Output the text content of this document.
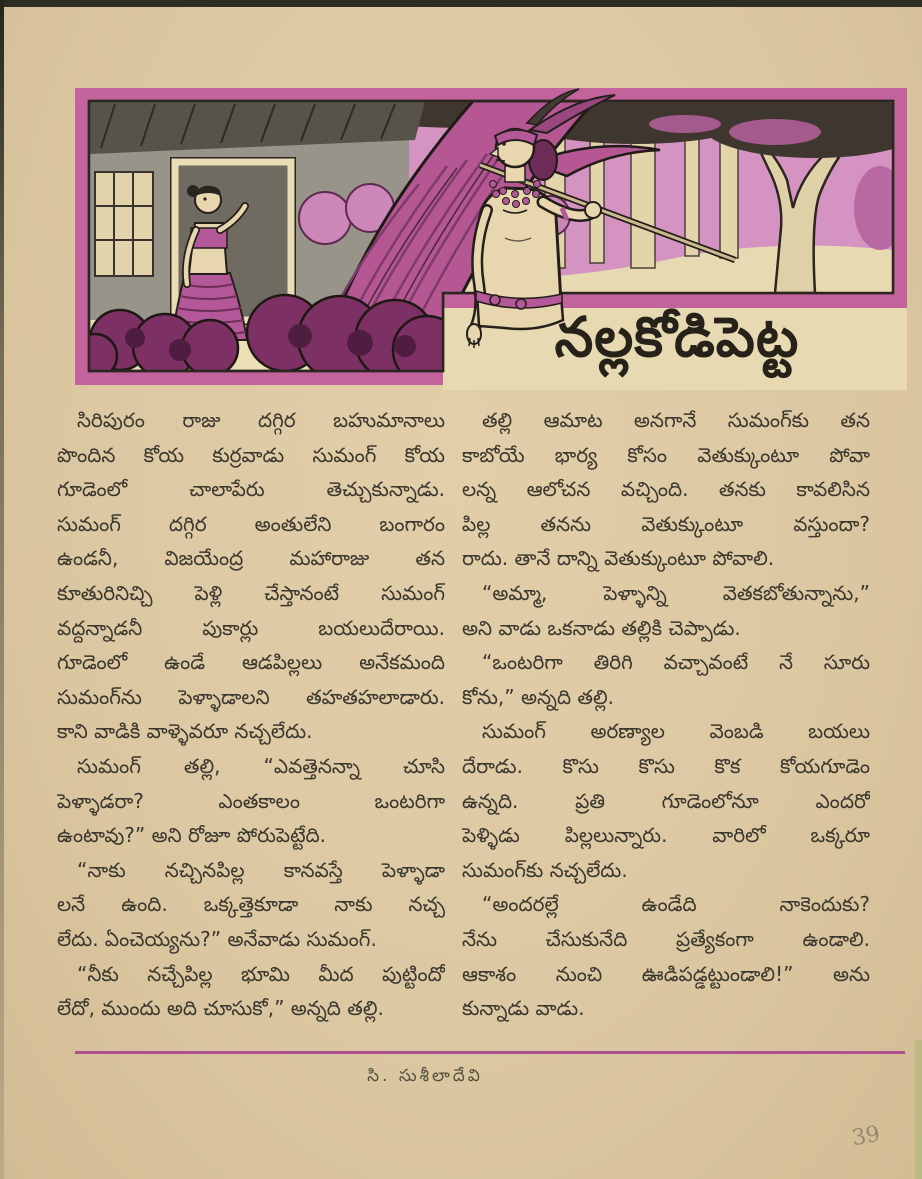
నల్లకోడిపెట్ట
సిరిపురం రాజు దగ్గిర బహుమానాలు
పొందిన కోయ కుర్రవాడు సుమంగ్ కోయ
గూడెంలో చాలాపేరు తెచ్చుకున్నాడు.
సుమంగ్ దగ్గిర అంతులేని బంగారం
ఉండనీ, విజయేంద్ర మహారాజు తన
కూతురినిచ్చి పెళ్లి చేస్తానంటే సుమంగ్
వద్దన్నాడనీ పుకార్లు బయలుదేరాయి.
గూడెంలో ఉండే ఆడపిల్లలు అనేకమంది
సుమంగ్‌ను పెళ్ళాడాలని తహతహలాడారు.
కాని వాడికి వాళ్ళెవరూ నచ్చలేదు.
సుమంగ్ తల్లి, “ఎవత్తెనన్నా చూసి
పెళ్ళాడరా? ఎంతకాలం ఒంటరిగా
ఉంటావు?” అని రోజూ పోరుపెట్టేది.
“నాకు నచ్చినపిల్ల కానవస్తే పెళ్ళాడా
లనే ఉంది. ఒక్కత్తెకూడా నాకు నచ్చ
లేదు. ఏంచెయ్యను?” అనేవాడు సుమంగ్.
“నీకు నచ్చేపిల్ల భూమి మీద పుట్టిందో
లేదో, ముందు అది చూసుకో,” అన్నది తల్లి.
తల్లి ఆమాట అనగానే సుమంగ్‌కు తన
కాబోయే భార్య కోసం వెతుక్కుంటూ పోవా
లన్న ఆలోచన వచ్చింది. తనకు కావలిసిన
పిల్ల తనను వెతుక్కుంటూ వస్తుందా?
రాదు. తానే దాన్ని వెతుక్కుంటూ పోవాలి.
“అమ్మా, పెళ్ళాన్ని వెతకబోతున్నాను,”
అని వాడు ఒకనాడు తల్లికి చెప్పాడు.
“ఒంటరిగా తిరిగి వచ్చావంటే నే సూరు
కోను,” అన్నది తల్లి.
సుమంగ్ అరణ్యాల వెంబడి బయలు
దేరాడు. కొసు కొసు కొక కోయగూడెం
ఉన్నది. ప్రతి గూడెంలోనూ ఎందరో
పెళ్ళిడు పిల్లలున్నారు. వారిలో ఒక్కరూ
సుమంగ్‌కు నచ్చలేదు.
“అందరల్లే ఉండేది నాకెందుకు?
నేను చేసుకునేది ప్రత్యేకంగా ఉండాలి.
ఆకాశం నుంచి ఊడిపడ్డట్టుండాలి!” అను
కున్నాడు వాడు.
సి. సుశీలాదేవి
39
